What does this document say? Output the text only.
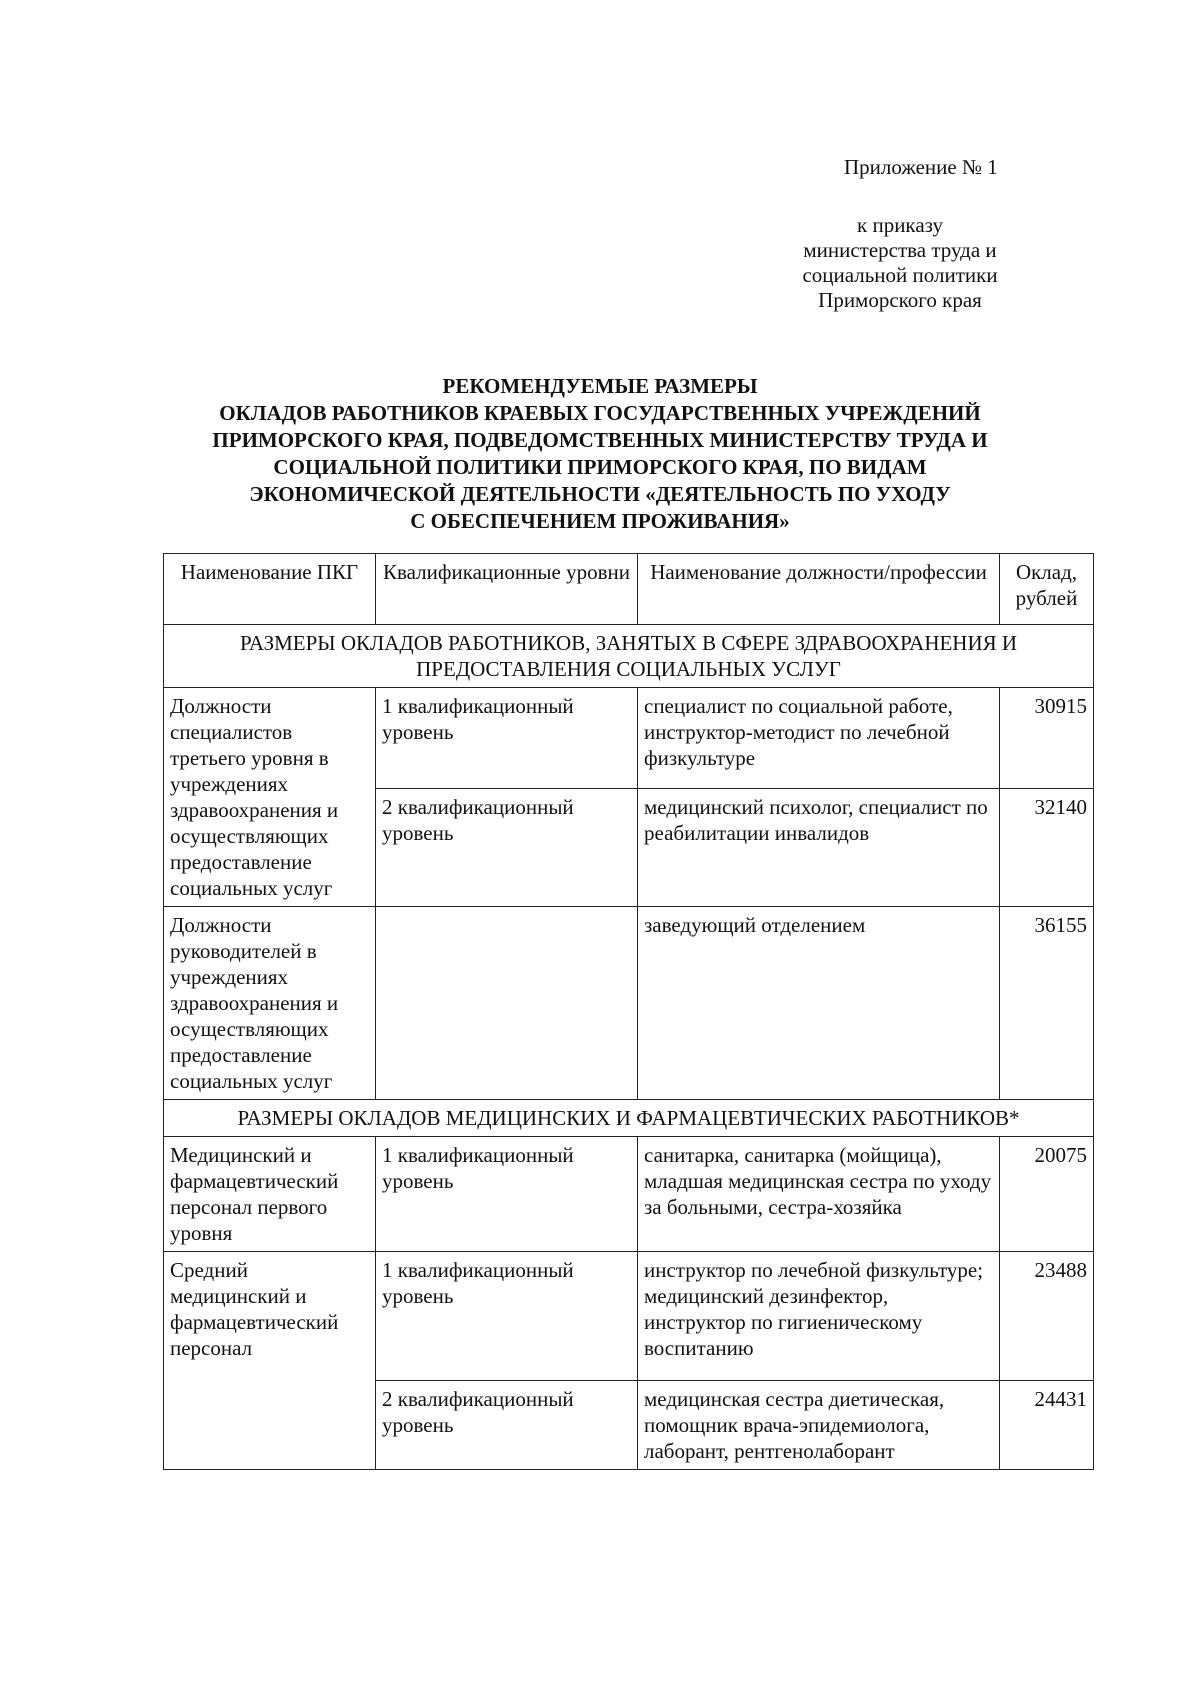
Приложение № 1
к приказу
министерства труда и
социальной политики
Приморского края
РЕКОМЕНДУЕМЫЕ РАЗМЕРЫ
ОКЛАДОВ РАБОТНИКОВ КРАЕВЫХ ГОСУДАРСТВЕННЫХ УЧРЕЖДЕНИЙ
ПРИМОРСКОГО КРАЯ, ПОДВЕДОМСТВЕННЫХ МИНИСТЕРСТВУ ТРУДА И
СОЦИАЛЬНОЙ ПОЛИТИКИ ПРИМОРСКОГО КРАЯ, ПО ВИДАМ
ЭКОНОМИЧЕСКОЙ ДЕЯТЕЛЬНОСТИ «ДЕЯТЕЛЬНОСТЬ ПО УХОДУ
С ОБЕСПЕЧЕНИЕМ ПРОЖИВАНИЯ»
Наименование ПКГ	Квалификационные уровни	Наименование должности/профессии	Оклад, рублей
РАЗМЕРЫ ОКЛАДОВ РАБОТНИКОВ, ЗАНЯТЫХ В СФЕРЕ ЗДРАВООХРАНЕНИЯ И ПРЕДОСТАВЛЕНИЯ СОЦИАЛЬНЫХ УСЛУГ			
Должности специалистов третьего уровня в учреждениях здравоохранения и осуществляющих предоставление социальных услуг	1 квалификационный уровень	специалист по социальной работе, инструктор-методист по лечебной физкультуре	30915
	2 квалификационный уровень	медицинский психолог, специалист по реабилитации инвалидов	32140
Должности руководителей в учреждениях здравоохранения и осуществляющих предоставление социальных услуг		заведующий отделением	36155
РАЗМЕРЫ ОКЛАДОВ МЕДИЦИНСКИХ И ФАРМАЦЕВТИЧЕСКИХ РАБОТНИКОВ*			
Медицинский и фармацевтический персонал первого уровня	1 квалификационный уровень	санитарка, санитарка (мойщица), младшая медицинская сестра по уходу за больными, сестра-хозяйка	20075
Средний медицинский и фармацевтический персонал	1 квалификационный уровень	инструктор по лечебной физкультуре; медицинский дезинфектор, инструктор по гигиеническому воспитанию	23488
	2 квалификационный уровень	медицинская сестра диетическая, помощник врача-эпидемиолога, лаборант, рентгенолаборант	24431
